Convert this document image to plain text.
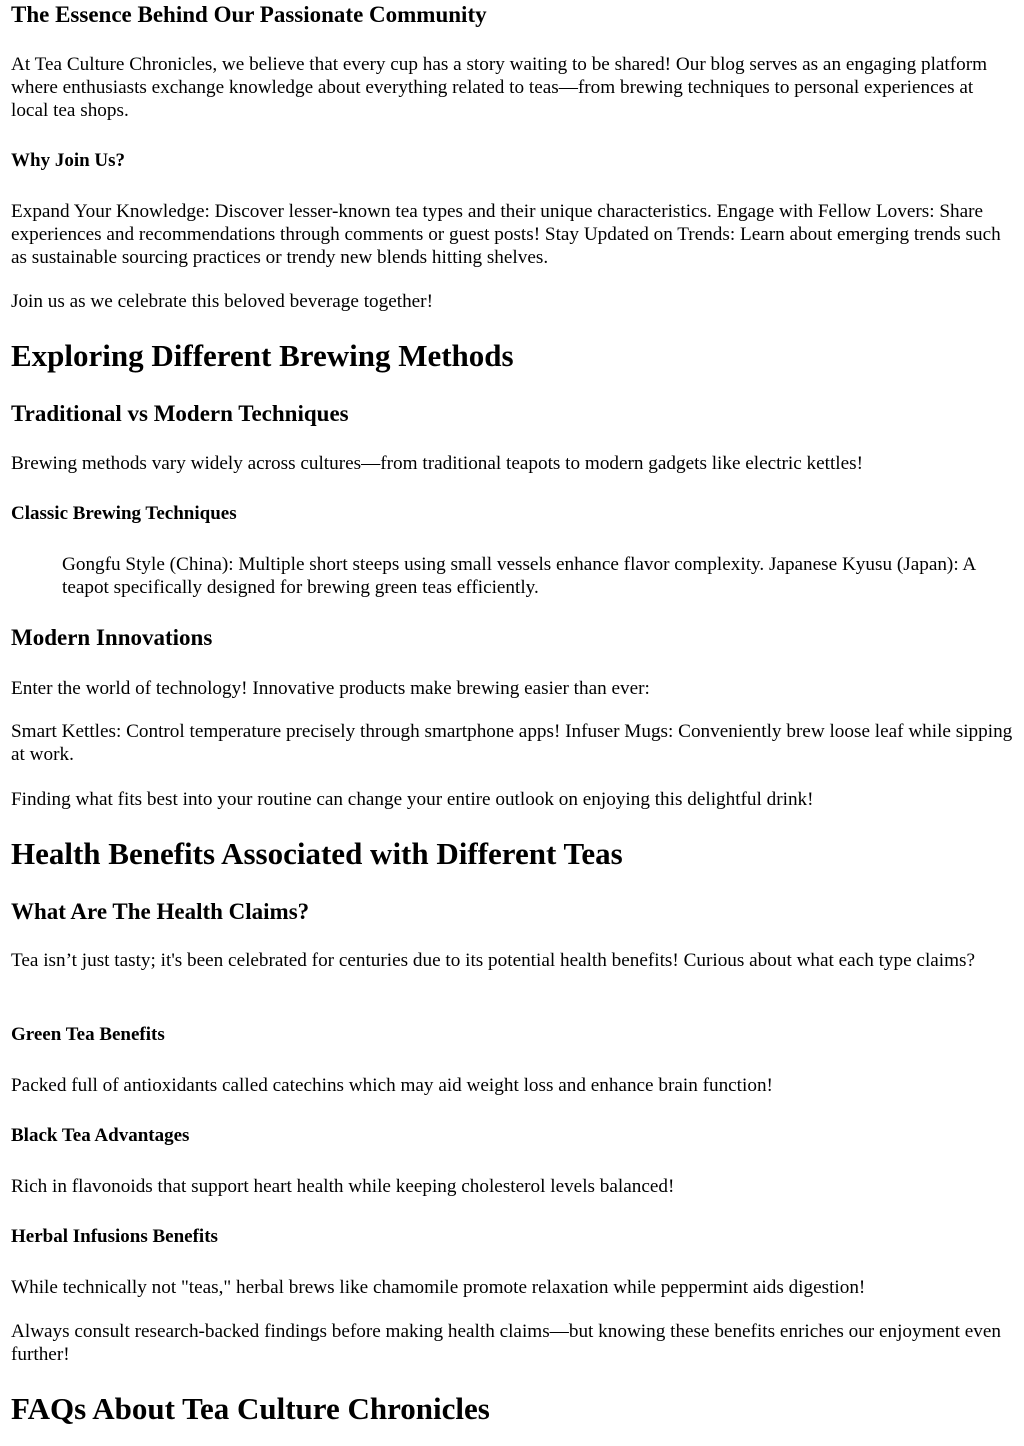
The Essence Behind Our Passionate Community

At Tea Culture Chronicles, we believe that every cup has a story waiting to be shared! Our blog serves as an engaging platform where enthusiasts exchange knowledge about everything related to teas—from brewing techniques to personal experiences at local tea shops.

Why Join Us?

Expand Your Knowledge: Discover lesser-known tea types and their unique characteristics. Engage with Fellow Lovers: Share experiences and recommendations through comments or guest posts! Stay Updated on Trends: Learn about emerging trends such as sustainable sourcing practices or trendy new blends hitting shelves.

Join us as we celebrate this beloved beverage together!

Exploring Different Brewing Methods
Traditional vs Modern Techniques

Brewing methods vary widely across cultures—from traditional teapots to modern gadgets like electric kettles!

Classic Brewing Techniques

Gongfu Style (China): Multiple short steeps using small vessels enhance flavor complexity. Japanese Kyusu (Japan): A teapot specifically designed for brewing green teas efficiently.

Modern Innovations

Enter the world of technology! Innovative products make brewing easier than ever:

Smart Kettles: Control temperature precisely through smartphone apps! Infuser Mugs: Conveniently brew loose leaf while sipping at work.

Finding what fits best into your routine can change your entire outlook on enjoying this delightful drink!

Health Benefits Associated with Different Teas
What Are The Health Claims?

Tea isn’t just tasty; it's been celebrated for centuries due to its potential health benefits! Curious about what each type claims?

Green Tea Benefits

Packed full of antioxidants called catechins which may aid weight loss and enhance brain function!

Black Tea Advantages

Rich in flavonoids that support heart health while keeping cholesterol levels balanced!

Herbal Infusions Benefits

While technically not "teas," herbal brews like chamomile promote relaxation while peppermint aids digestion!

Always consult research-backed findings before making health claims—but knowing these benefits enriches our enjoyment even further!

FAQs About Tea Culture Chronicles
